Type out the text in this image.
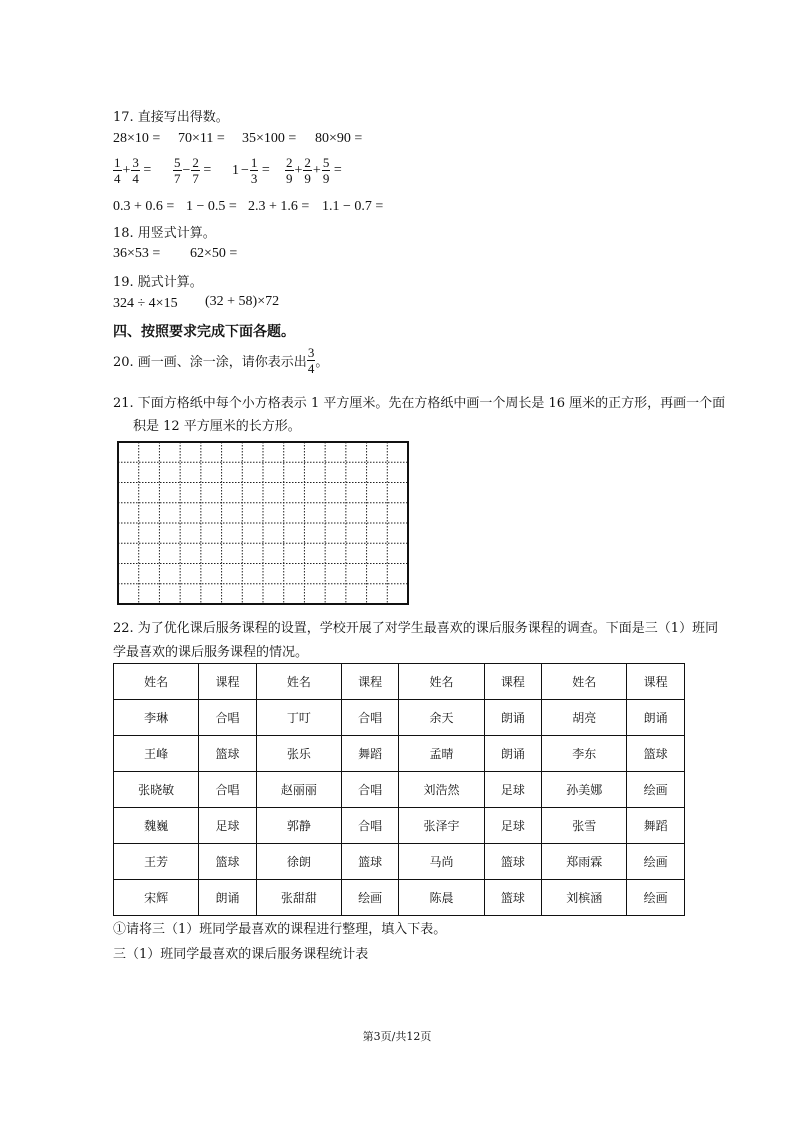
17. 直接写出得数。
28×10 = 70×11 = 35×100 = 80×90 =
$\frac{1}{4} + \frac{3}{4} = \frac{5}{7} - \frac{2}{7} = 1 - \frac{1}{3} = \frac{2}{9} + \frac{2}{9} + \frac{5}{9}$ =
0.3 + 0.6 = 1 − 0.5 = 2.3 + 1.6 = 1.1 − 0.7 =
18. 用竖式计算。
36×53 = 62×50 =
19. 脱式计算。
324 ÷ 4×15 (32 + 58)×72
四、按照要求完成下面各题。
20. 画一画、涂一涂，请你表示出 $\frac{3}{4}$ 。
21. 下面方格纸中每个小方格表示 1 平方厘米。先在方格纸中画一个周长是 16 厘米的正方形，再画一个面
积是 12 平方厘米的长方形。
22. 为了优化课后服务课程的设置，学校开展了对学生最喜欢的课后服务课程的调查。下面是三（1）班同
学最喜欢的课后服务课程的情况。
姓名	课程	姓名	课程	姓名	课程	姓名	课程
李琳	合唱	丁叮	合唱	余天	朗诵	胡亮	朗诵
王峰	篮球	张乐	舞蹈	孟晴	朗诵	李东	篮球
张晓敏	合唱	赵丽丽	合唱	刘浩然	足球	孙美娜	绘画
魏巍	足球	郭静	合唱	张泽宇	足球	张雪	舞蹈
王芳	篮球	徐朗	篮球	马尚	篮球	郑雨霖	绘画
宋辉	朗诵	张甜甜	绘画	陈晨	篮球	刘槟涵	绘画
①请将三（1）班同学最喜欢的课程进行整理，填入下表。
三（1）班同学最喜欢的课后服务课程统计表
第3页/共12页
